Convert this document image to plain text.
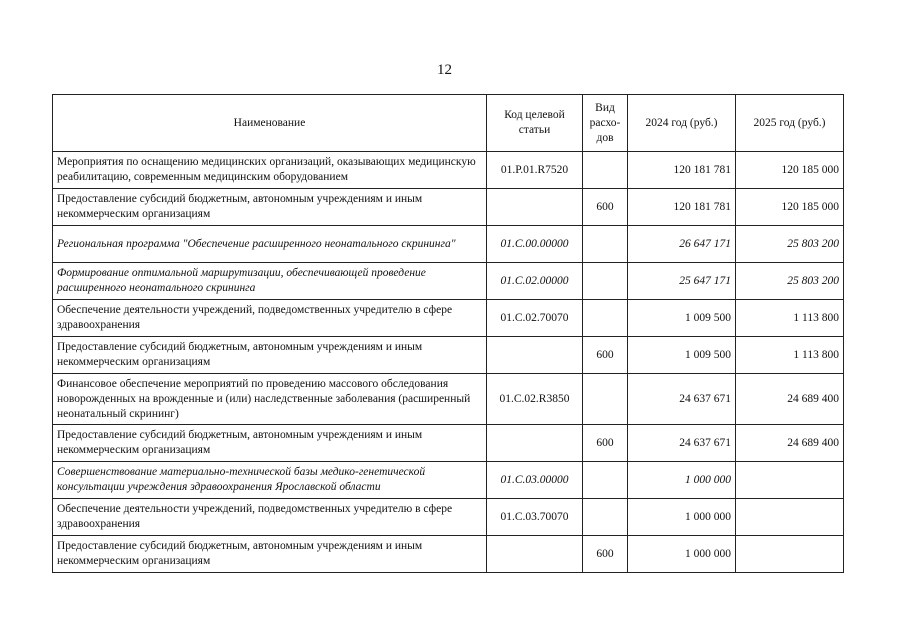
12
Наименование	Код целевой статьи	Вид расхо-дов	2024 год (руб.)	2025 год (руб.)
Мероприятия по оснащению медицинских организаций, оказывающих медицинскую реабилитацию, современным медицинским оборудованием	01.Р.01.R7520		120 181 781	120 185 000
Предоставление субсидий бюджетным, автономным учреждениям и иным некоммерческим организациям		600	120 181 781	120 185 000
Региональная программа "Обеспечение расширенного неонатального скрининга"	01.С.00.00000		26 647 171	25 803 200
Формирование оптимальной маршрутизации, обеспечивающей проведение расширенного неонатального скрининга	01.С.02.00000		25 647 171	25 803 200
Обеспечение деятельности учреждений, подведомственных учредителю в сфере здравоохранения	01.С.02.70070		1 009 500	1 113 800
Предоставление субсидий бюджетным, автономным учреждениям и иным некоммерческим организациям		600	1 009 500	1 113 800
Финансовое обеспечение мероприятий по проведению массового обследования новорожденных на врожденные и (или) наследственные заболевания (расширенный неонатальный скрининг)	01.С.02.R3850		24 637 671	24 689 400
Предоставление субсидий бюджетным, автономным учреждениям и иным некоммерческим организациям		600	24 637 671	24 689 400
Совершенствование материально-технической базы медико-генетической консультации учреждения здравоохранения Ярославской области	01.С.03.00000		1 000 000	
Обеспечение деятельности учреждений, подведомственных учредителю в сфере здравоохранения	01.С.03.70070		1 000 000	
Предоставление субсидий бюджетным, автономным учреждениям и иным некоммерческим организациям		600	1 000 000	
